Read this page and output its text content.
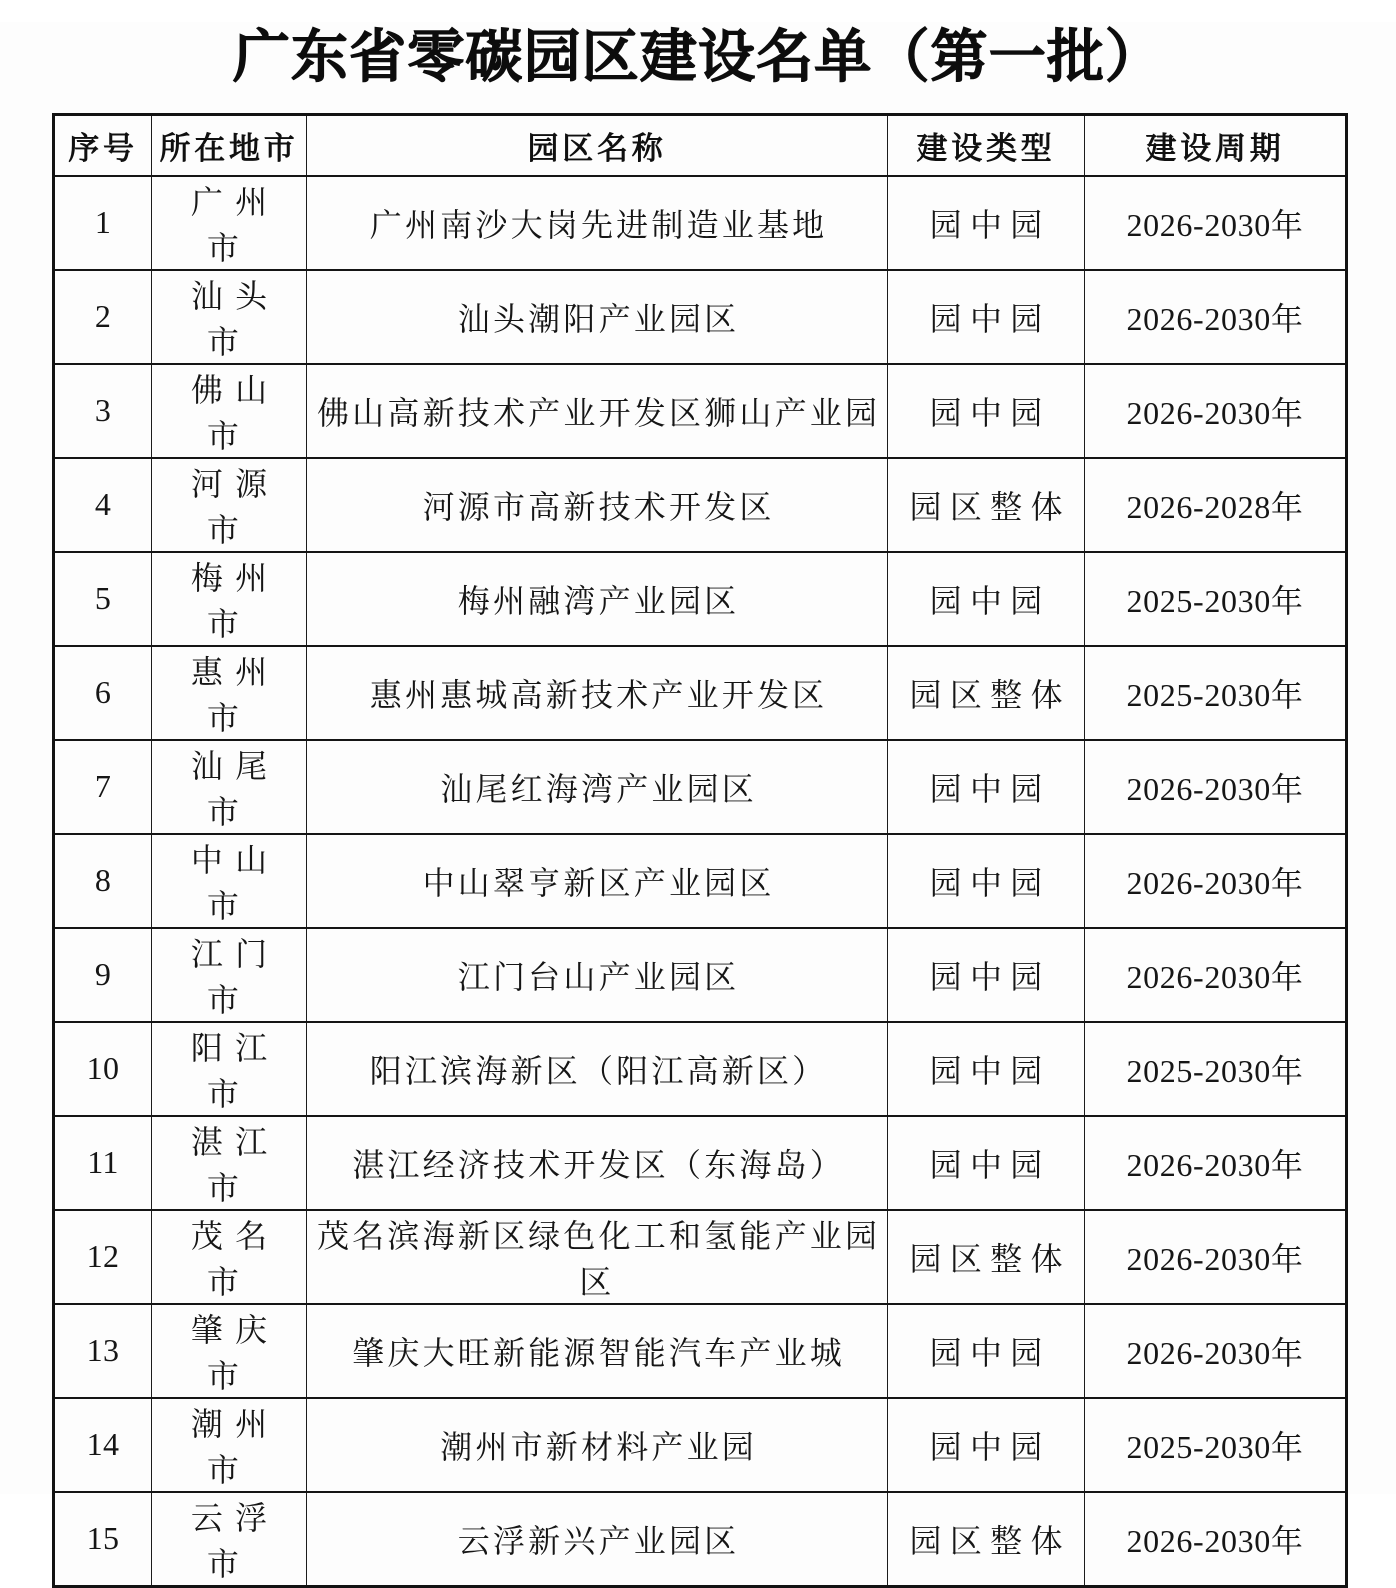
广东省零碳园区建设名单（第一批）
序号	所在地市	园区名称	建设类型	建设周期
1	广州市	广州南沙大岗先进制造业基地	园中园	2026-2030年
2	汕头市	汕头潮阳产业园区	园中园	2026-2030年
3	佛山市	佛山高新技术产业开发区狮山产业园	园中园	2026-2030年
4	河源市	河源市高新技术开发区	园区整体	2026-2028年
5	梅州市	梅州融湾产业园区	园中园	2025-2030年
6	惠州市	惠州惠城高新技术产业开发区	园区整体	2025-2030年
7	汕尾市	汕尾红海湾产业园区	园中园	2026-2030年
8	中山市	中山翠亨新区产业园区	园中园	2026-2030年
9	江门市	江门台山产业园区	园中园	2026-2030年
10	阳江市	阳江滨海新区（阳江高新区）	园中园	2025-2030年
11	湛江市	湛江经济技术开发区（东海岛）	园中园	2026-2030年
12	茂名市	茂名滨海新区绿色化工和氢能产业园区	园区整体	2026-2030年
13	肇庆市	肇庆大旺新能源智能汽车产业城	园中园	2026-2030年
14	潮州市	潮州市新材料产业园	园中园	2025-2030年
15	云浮市	云浮新兴产业园区	园区整体	2026-2030年
